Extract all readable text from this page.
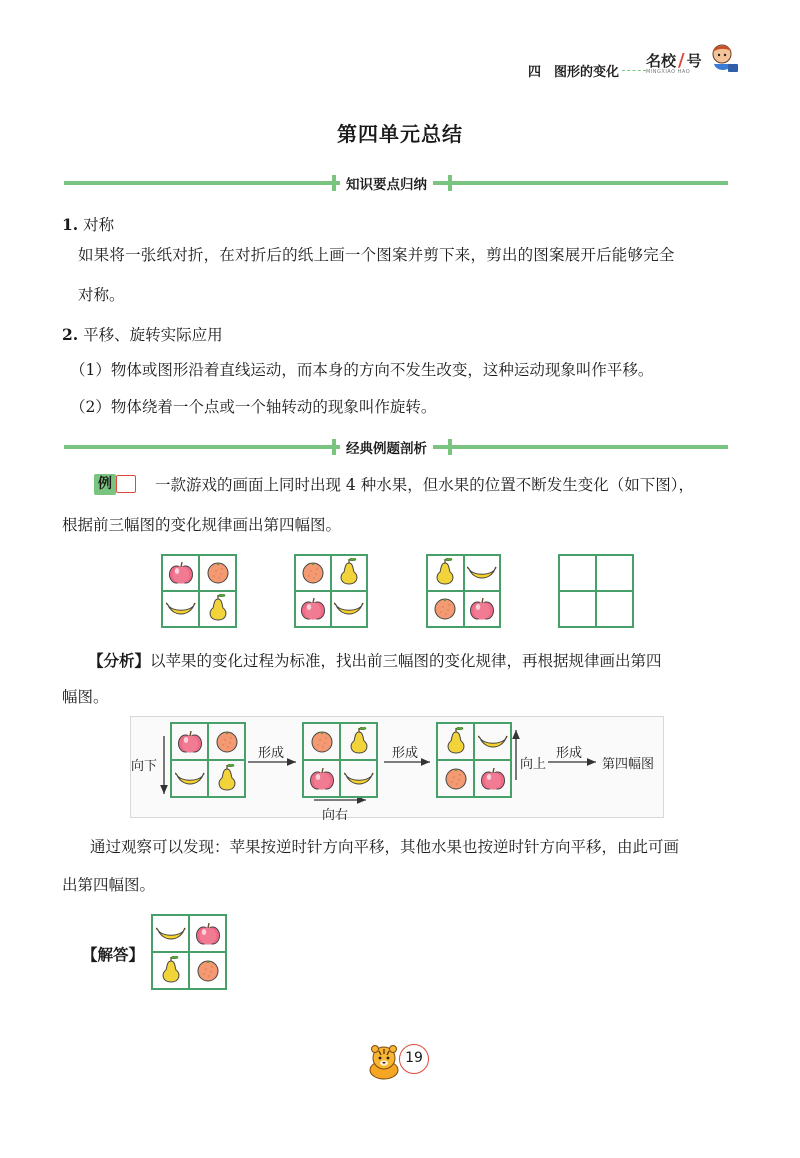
四　图形的变化
名校 / 号
MINGXIAO HAO
第四单元总结
知识要点归纳
1. 对称
如果将一张纸对折，在对折后的纸上画一个图案并剪下来，剪出的图案展开后能够完全
对称。
2. 平移、旋转实际应用
（1）物体或图形沿着直线运动，而本身的方向不发生改变，这种运动现象叫作平移。
（2）物体绕着一个点或一个轴转动的现象叫作旋转。
经典例题剖析
例	一款游戏的画面上同时出现 4 种水果，但水果的位置不断发生变化（如下图），
根据前三幅图的变化规律画出第四幅图。
【分析】以苹果的变化过程为标准，找出前三幅图的变化规律，再根据规律画出第四
幅图。
向下
形成	形成
向右
向上
形成
第四幅图
通过观察可以发现：苹果按逆时针方向平移，其他水果也按逆时针方向平移，由此可画
出第四幅图。
【解答】
19
